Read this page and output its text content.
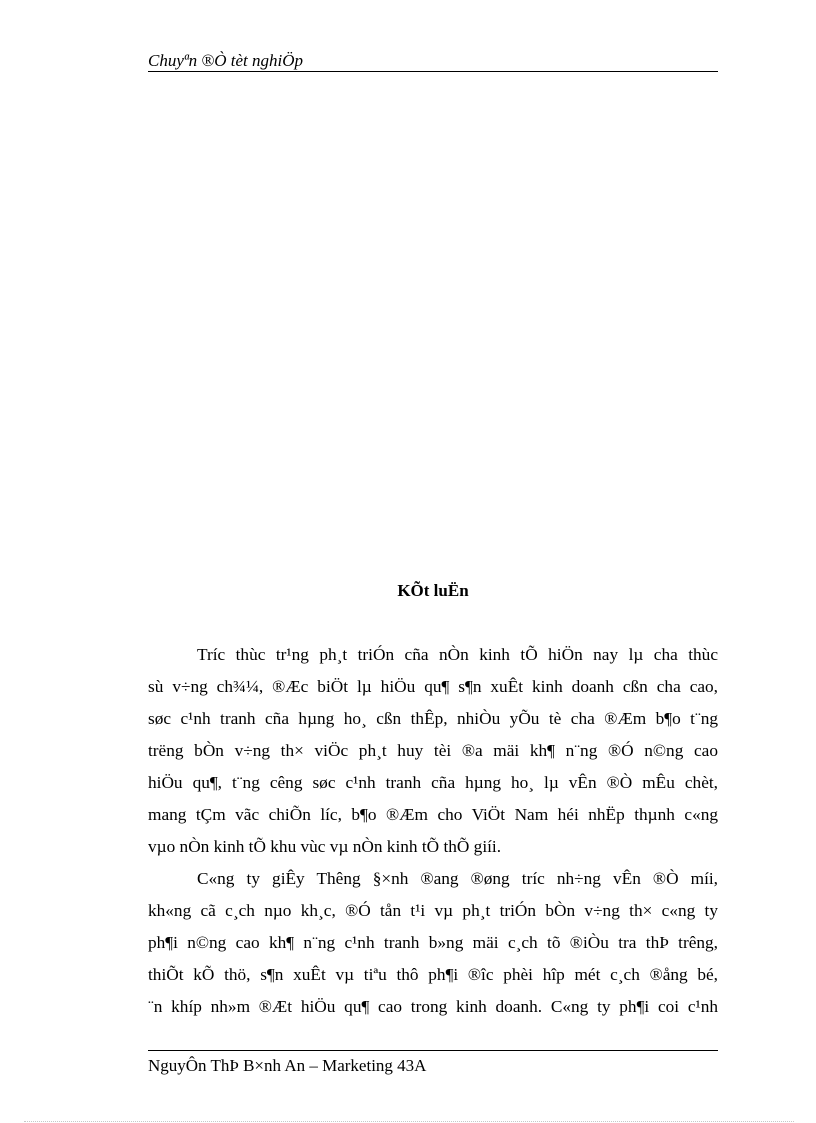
Chuyªn ®Ò tèt nghiÖp
KÕt luËn
Tríc thùc tr¹ng ph¸t triÓn cña nÒn kinh tÕ hiÖn nay lµ cha thùc
sù v÷ng ch¾¼, ®Æc biÖt lµ hiÖu qu¶ s¶n xuÊt kinh doanh cßn cha cao,
søc c¹nh tranh cña hµng ho¸ cßn thÊp, nhiÒu yÕu tè cha ®Æm b¶o t¨ng
trëng bÒn v÷ng th× viÖc ph¸t huy tèi ®a mäi kh¶ n¨ng ®Ó n©ng cao
hiÖu qu¶, t¨ng cêng søc c¹nh tranh cña hµng ho¸ lµ vÊn ®Ò mÊu chèt,
mang tÇm vãc chiÕn líc, b¶o ®Æm cho ViÖt Nam héi nhËp thµnh c«ng
vµo nÒn kinh tÕ khu vùc vµ nÒn kinh tÕ thÕ giíi.
C«ng ty giÊy Thêng §×nh ®ang ®øng tríc nh÷ng vÊn ®Ò míi,
kh«ng cã c¸ch nµo kh¸c, ®Ó tån t¹i vµ ph¸t triÓn bÒn v÷ng th× c«ng ty
ph¶i n©ng cao kh¶ n¨ng c¹nh tranh b»ng mäi c¸ch tõ ®iÒu tra thÞ trêng,
thiÕt kÕ thö, s¶n xuÊt vµ tiªu thô ph¶i ®îc phèi hîp mét c¸ch ®ång bé,
¨n khíp nh»m ®Æt hiÖu qu¶ cao trong kinh doanh. C«ng ty ph¶i coi c¹nh
NguyÔn ThÞ B×nh An – Marketing 43A
